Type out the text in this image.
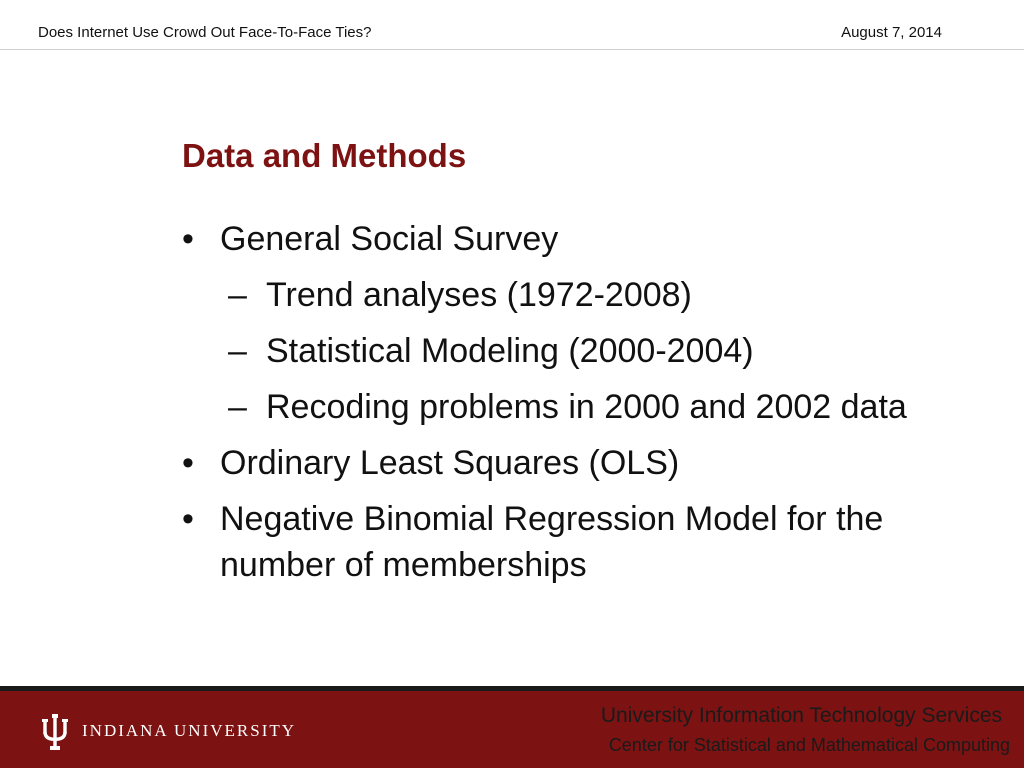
Does Internet Use Crowd Out Face-To-Face Ties?	August 7, 2014
Data and Methods
• General Social Survey
– Trend analyses (1972-2008)
– Statistical Modeling (2000-2004)
– Recoding problems in 2000 and 2002 data
• Ordinary Least Squares (OLS)
• Negative Binomial Regression Model for the number of memberships
INDIANA UNIVERSITY
University Information Technology Services
Center for Statistical and Mathematical Computing
